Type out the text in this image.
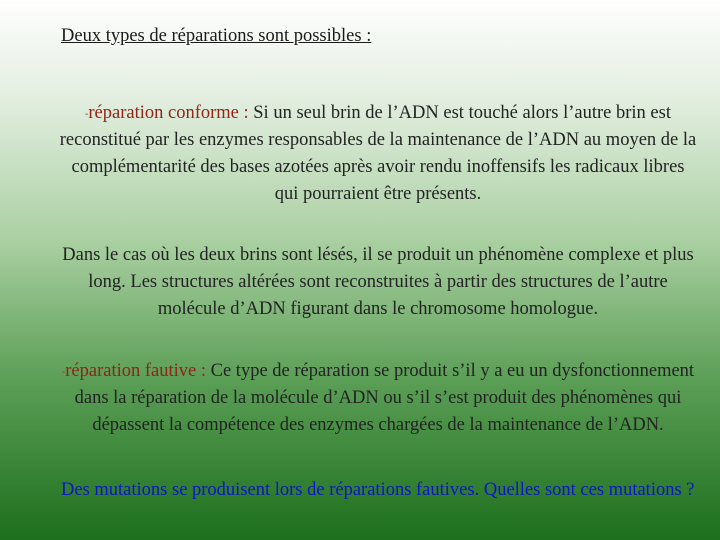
Deux types de réparations sont possibles :

-réparation conforme : Si un seul brin de l’ADN est touché alors l’autre brin est reconstitué par les enzymes responsables de la maintenance de l’ADN au moyen de la complémentarité des bases azotées après avoir rendu inoffensifs les radicaux libres qui pourraient être présents.

Dans le cas où les deux brins sont lésés, il se produit un phénomène complexe et plus long. Les structures altérées sont reconstruites à partir des structures de l’autre molécule d’ADN figurant dans le chromosome homologue.

-réparation fautive : Ce type de réparation se produit s’il y a eu un dysfonctionnement dans la réparation de la molécule d’ADN ou s’il s’est produit des phénomènes qui dépassent la compétence des enzymes chargées de la maintenance de l’ADN.

Des mutations se produisent lors de réparations fautives. Quelles sont ces mutations ?
